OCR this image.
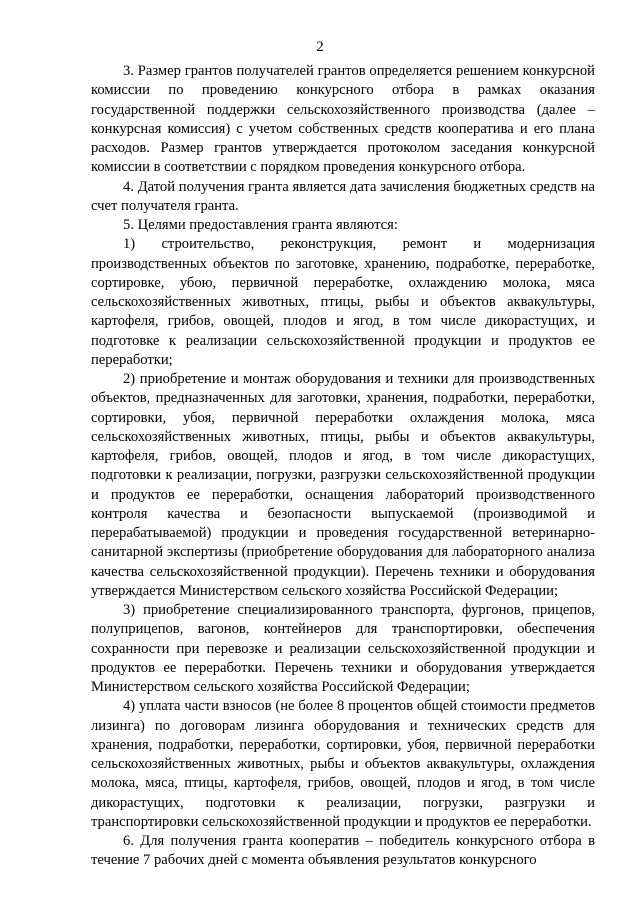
2

3. Размер грантов получателей грантов определяется решением конкурсной комиссии по проведению конкурсного отбора в рамках оказания государственной поддержки сельскохозяйственного производства (далее – конкурсная комиссия) с учетом собственных средств кооператива и его плана расходов. Размер грантов утверждается протоколом заседания конкурсной комиссии в соответствии с порядком проведения конкурсного отбора.

4. Датой получения гранта является дата зачисления бюджетных средств на счет получателя гранта.

5. Целями предоставления гранта являются:

1) строительство, реконструкция, ремонт и модернизация производственных объектов по заготовке, хранению, подработке, переработке, сортировке, убою, первичной переработке, охлаждению молока, мяса сельскохозяйственных животных, птицы, рыбы и объектов аквакультуры, картофеля, грибов, овощей, плодов и ягод, в том числе дикорастущих, и подготовке к реализации сельскохозяйственной продукции и продуктов ее переработки;

2) приобретение и монтаж оборудования и техники для производственных объектов, предназначенных для заготовки, хранения, подработки, переработки, сортировки, убоя, первичной переработки охлаждения молока, мяса сельскохозяйственных животных, птицы, рыбы и объектов аквакультуры, картофеля, грибов, овощей, плодов и ягод, в том числе дикорастущих, подготовки к реализации, погрузки, разгрузки сельскохозяйственной продукции и продуктов ее переработки, оснащения лабораторий производственного контроля качества и безопасности выпускаемой (производимой и перерабатываемой) продукции и проведения государственной ветеринарно-санитарной экспертизы (приобретение оборудования для лабораторного анализа качества сельскохозяйственной продукции). Перечень техники и оборудования утверждается Министерством сельского хозяйства Российской Федерации;

3) приобретение специализированного транспорта, фургонов, прицепов, полуприцепов, вагонов, контейнеров для транспортировки, обеспечения сохранности при перевозке и реализации сельскохозяйственной продукции и продуктов ее переработки. Перечень техники и оборудования утверждается Министерством сельского хозяйства Российской Федерации;

4) уплата части взносов (не более 8 процентов общей стоимости предметов лизинга) по договорам лизинга оборудования и технических средств для хранения, подработки, переработки, сортировки, убоя, первичной переработки сельскохозяйственных животных, рыбы и объектов аквакультуры, охлаждения молока, мяса, птицы, картофеля, грибов, овощей, плодов и ягод, в том числе дикорастущих, подготовки к реализации, погрузки, разгрузки и транспортировки сельскохозяйственной продукции и продуктов ее переработки.

6. Для получения гранта кооператив – победитель конкурсного отбора в течение 7 рабочих дней с момента объявления результатов конкурсного
